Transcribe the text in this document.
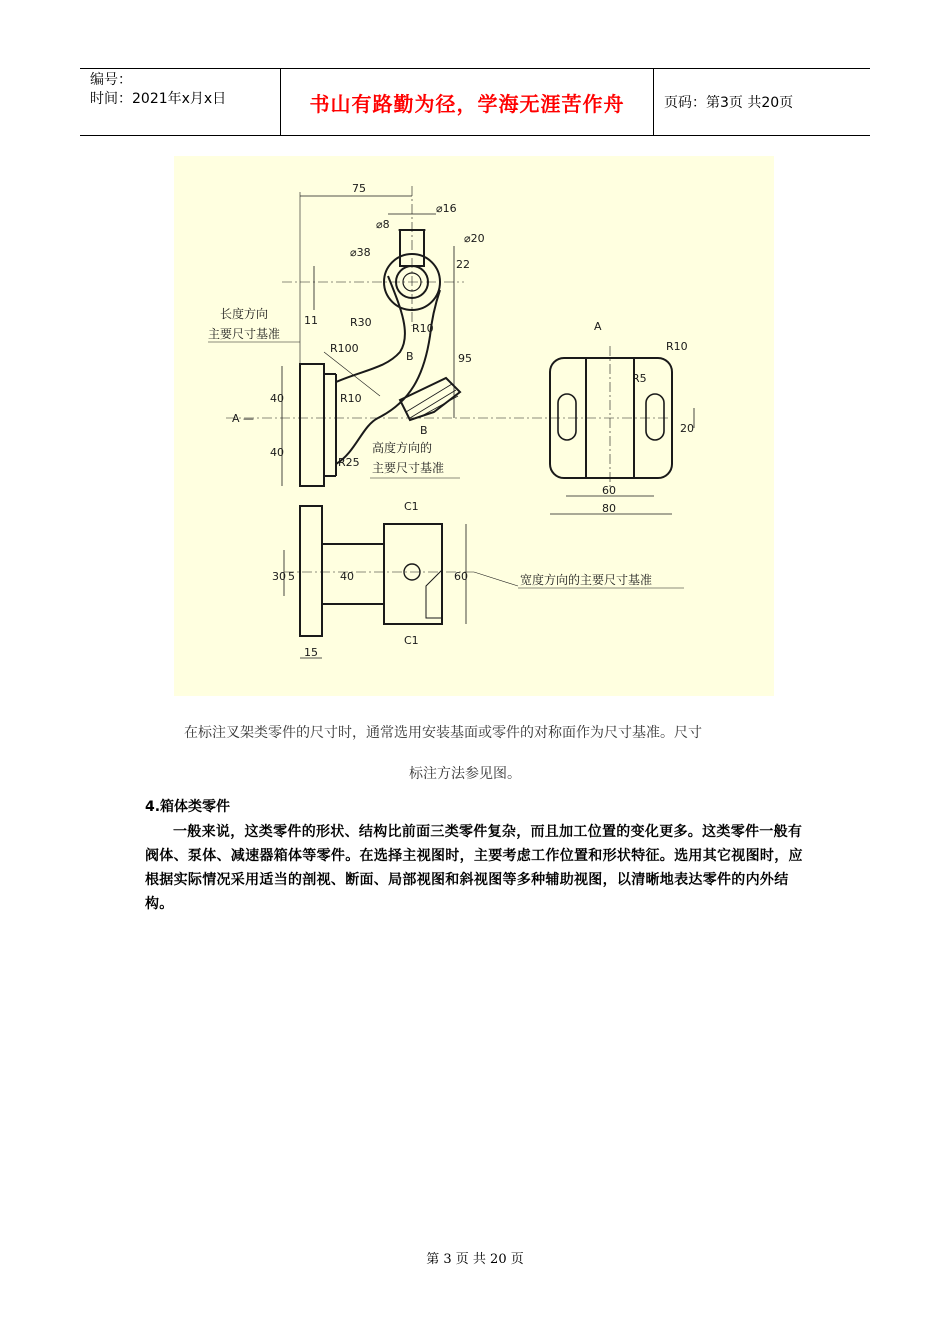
编号：
时间：2021年x月x日	书山有路勤为径，学海无涯苦作舟	页码：第3页 共20页
75
⌀16
⌀8
⌀38
⌀20
22
11	R30	R10
R100
95
R10
40
40
R25
B
B
A —
长度方向
主要尺寸基准
高度方向的
主要尺寸基准
A
R10
R5
20
60
80
C1
C1
30 5	60
40
15
宽度方向的主要尺寸基准
在标注叉架类零件的尺寸时，通常选用安装基面或零件的对称面作为尺寸基准。尺寸
标注方法参见图。
4.箱体类零件
一般来说，这类零件的形状、结构比前面三类零件复杂，而且加工位置的变化更多。这类零件一般有阀体、泵体、减速器箱体等零件。在选择主视图时，主要考虑工作位置和形状特征。选用其它视图时，应根据实际情况采用适当的剖视、断面、局部视图和斜视图等多种辅助视图，以清晰地表达零件的内外结构。
第 3 页 共 20 页
